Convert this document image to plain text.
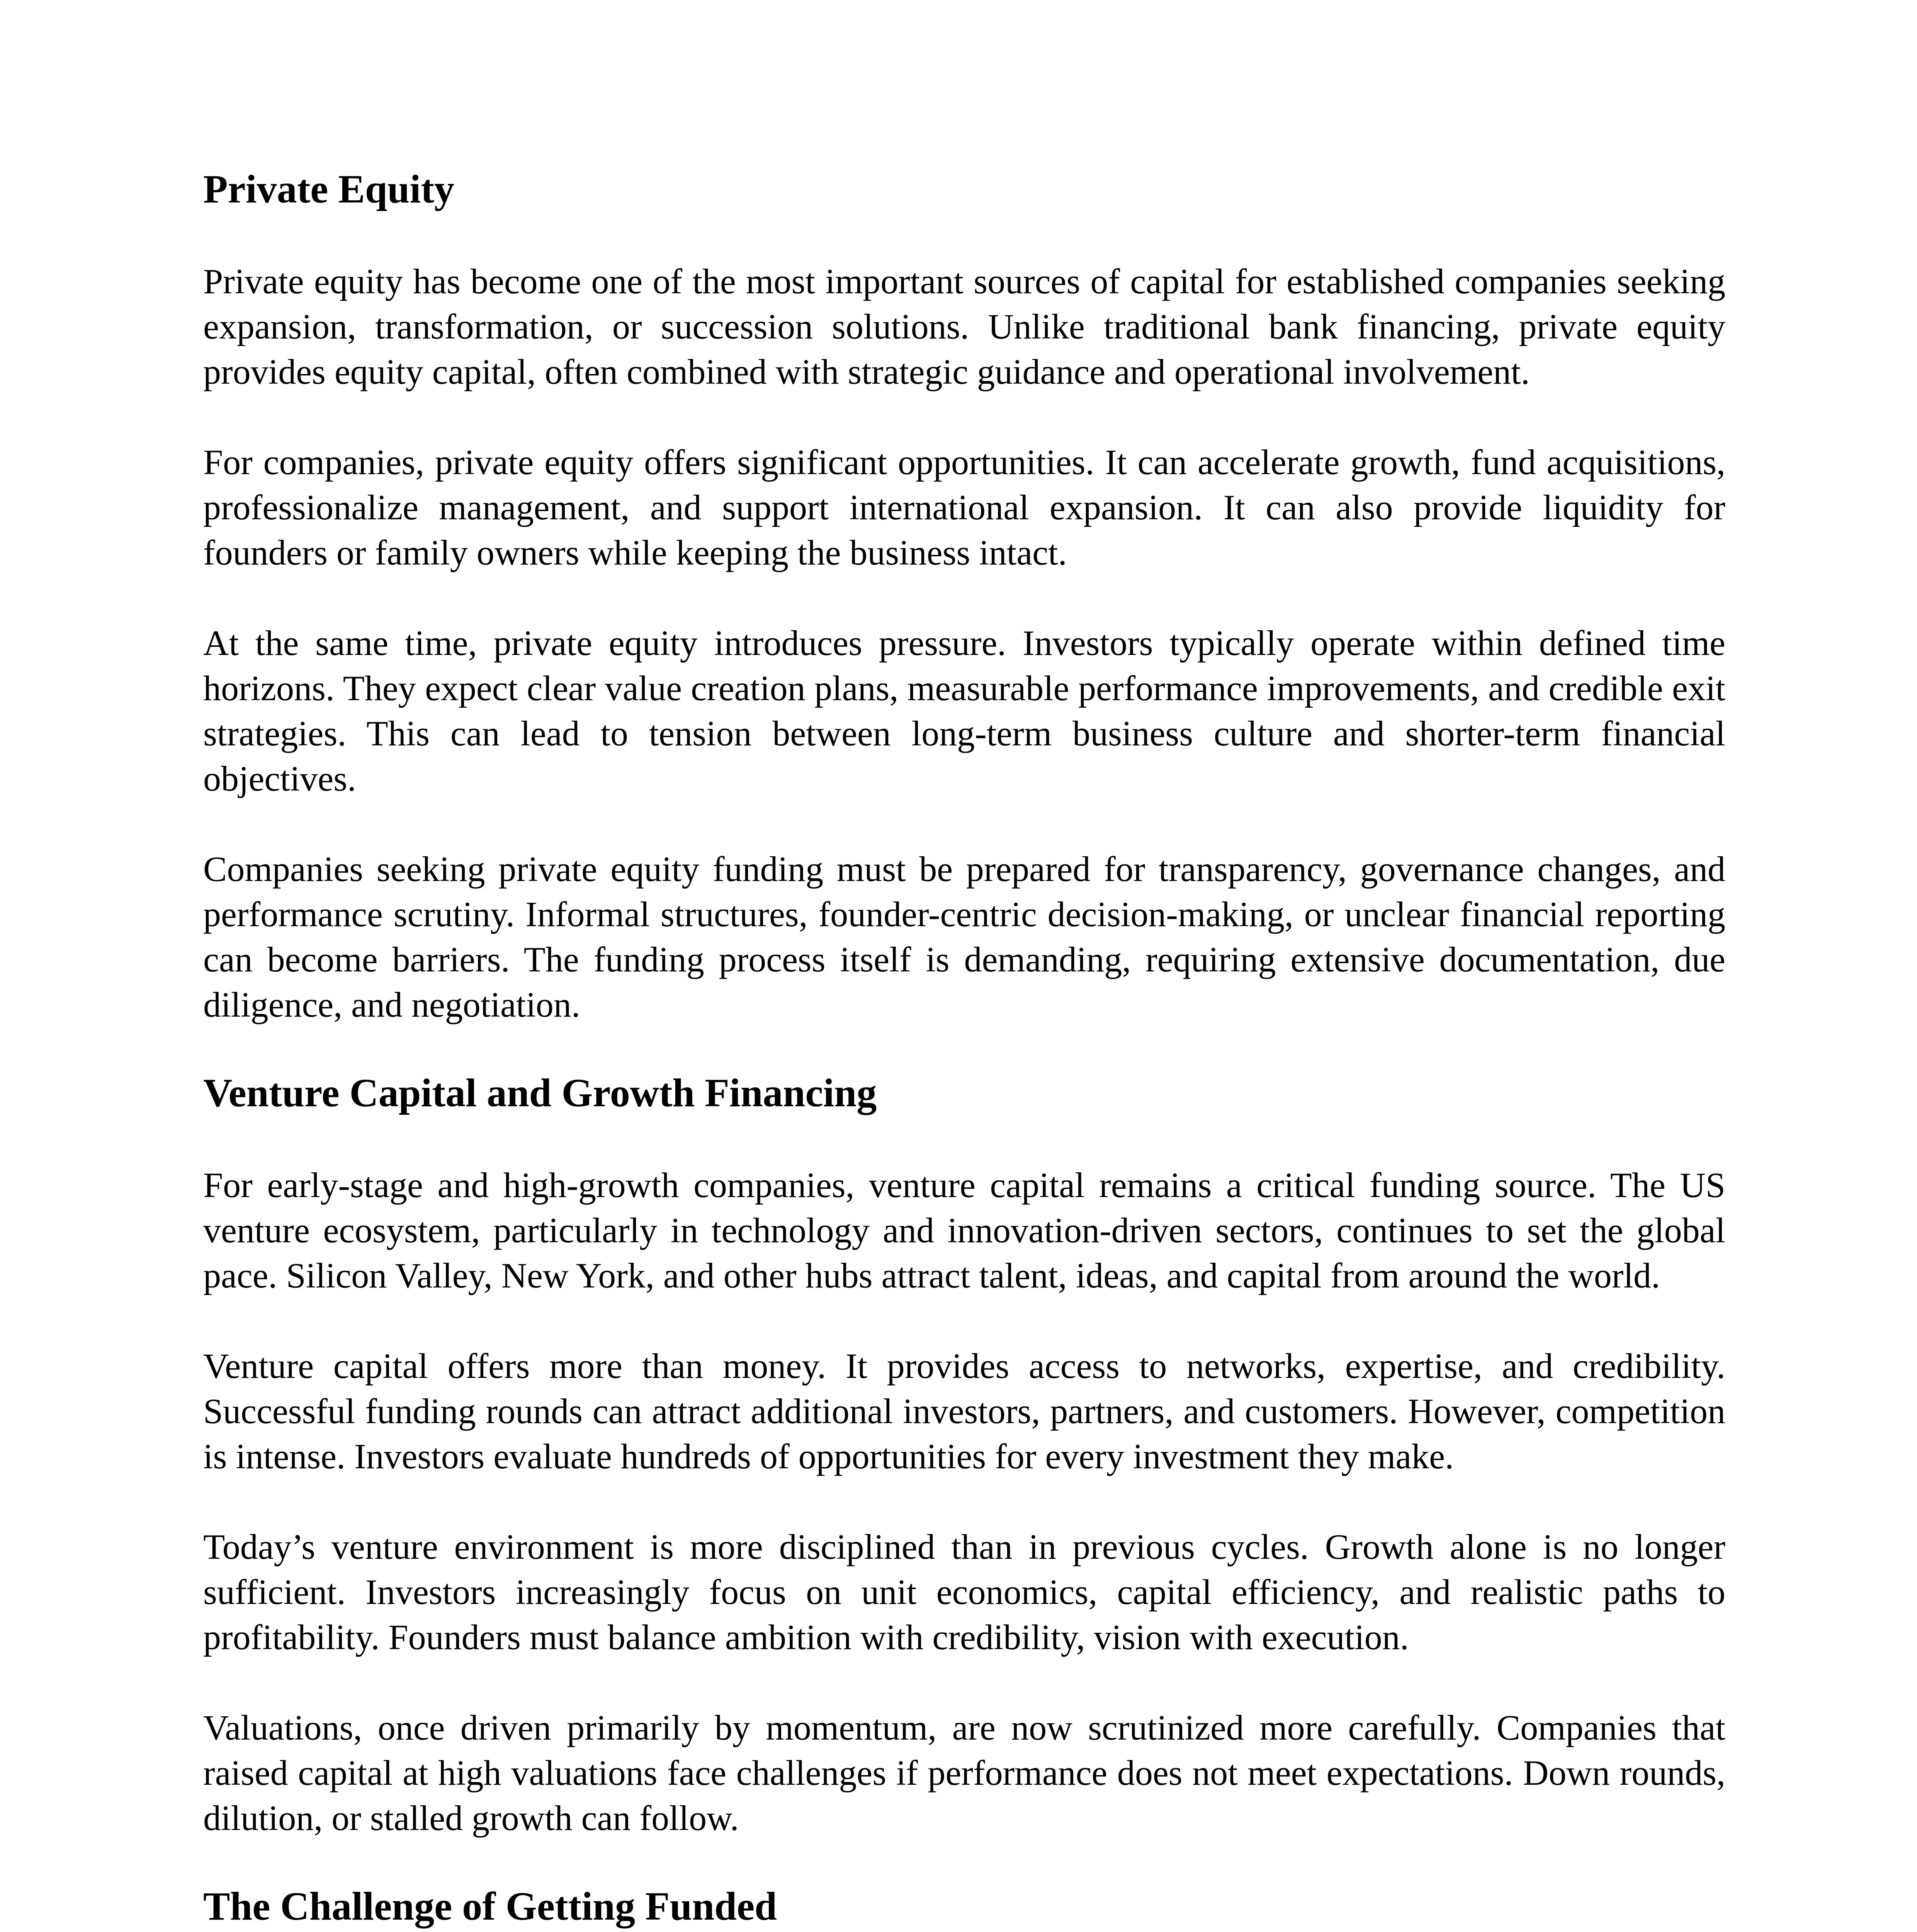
Private Equity

Private equity has become one of the most important sources of capital for established companies seeking expansion, transformation, or succession solutions. Unlike traditional bank financing, private equity provides equity capital, often combined with strategic guidance and operational involvement.

For companies, private equity offers significant opportunities. It can accelerate growth, fund acquisitions, professionalize management, and support international expansion. It can also provide liquidity for founders or family owners while keeping the business intact.

At the same time, private equity introduces pressure. Investors typically operate within defined time horizons. They expect clear value creation plans, measurable performance improvements, and credible exit strategies. This can lead to tension between long-term business culture and shorter-term financial objectives.

Companies seeking private equity funding must be prepared for transparency, governance changes, and performance scrutiny. Informal structures, founder-centric decision-making, or unclear financial reporting can become barriers. The funding process itself is demanding, requiring extensive documentation, due diligence, and negotiation.

Venture Capital and Growth Financing

For early-stage and high-growth companies, venture capital remains a critical funding source. The US venture ecosystem, particularly in technology and innovation-driven sectors, continues to set the global pace. Silicon Valley, New York, and other hubs attract talent, ideas, and capital from around the world.

Venture capital offers more than money. It provides access to networks, expertise, and credibility. Successful funding rounds can attract additional investors, partners, and customers. However, competition is intense. Investors evaluate hundreds of opportunities for every investment they make.

Today’s venture environment is more disciplined than in previous cycles. Growth alone is no longer sufficient. Investors increasingly focus on unit economics, capital efficiency, and realistic paths to profitability. Founders must balance ambition with credibility, vision with execution.

Valuations, once driven primarily by momentum, are now scrutinized more carefully. Companies that raised capital at high valuations face challenges if performance does not meet expectations. Down rounds, dilution, or stalled growth can follow.

The Challenge of Getting Funded
